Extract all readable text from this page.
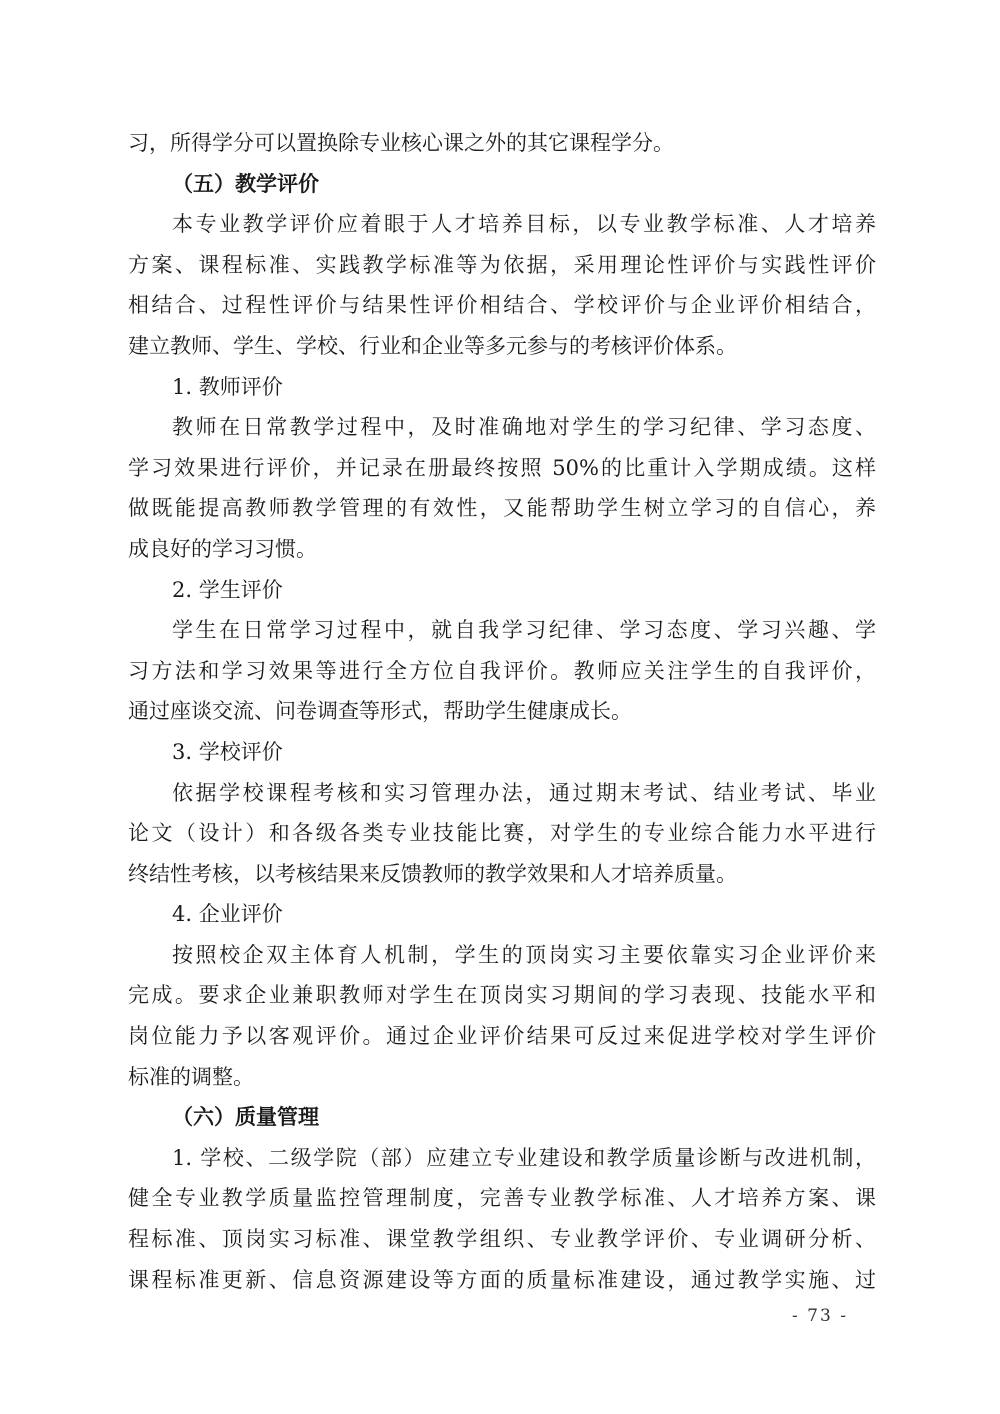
习，所得学分可以置换除专业核心课之外的其它课程学分。
（五）教学评价
本专业教学评价应着眼于人才培养目标，以专业教学标准、人才培养
方案、课程标准、实践教学标准等为依据，采用理论性评价与实践性评价
相结合、过程性评价与结果性评价相结合、学校评价与企业评价相结合，
建立教师、学生、学校、行业和企业等多元参与的考核评价体系。
1. 教师评价
教师在日常教学过程中，及时准确地对学生的学习纪律、学习态度、
学习效果进行评价，并记录在册最终按照 50%的比重计入学期成绩。这样
做既能提高教师教学管理的有效性，又能帮助学生树立学习的自信心，养
成良好的学习习惯。
2. 学生评价
学生在日常学习过程中，就自我学习纪律、学习态度、学习兴趣、学
习方法和学习效果等进行全方位自我评价。教师应关注学生的自我评价，
通过座谈交流、问卷调查等形式，帮助学生健康成长。
3. 学校评价
依据学校课程考核和实习管理办法，通过期末考试、结业考试、毕业
论文（设计）和各级各类专业技能比赛，对学生的专业综合能力水平进行
终结性考核，以考核结果来反馈教师的教学效果和人才培养质量。
4. 企业评价
按照校企双主体育人机制，学生的顶岗实习主要依靠实习企业评价来
完成。要求企业兼职教师对学生在顶岗实习期间的学习表现、技能水平和
岗位能力予以客观评价。通过企业评价结果可反过来促进学校对学生评价
标准的调整。
（六）质量管理
1. 学校、二级学院（部）应建立专业建设和教学质量诊断与改进机制，
健全专业教学质量监控管理制度，完善专业教学标准、人才培养方案、课
程标准、顶岗实习标准、课堂教学组织、专业教学评价、专业调研分析、
课程标准更新、信息资源建设等方面的质量标准建设，通过教学实施、过
- 73 -
